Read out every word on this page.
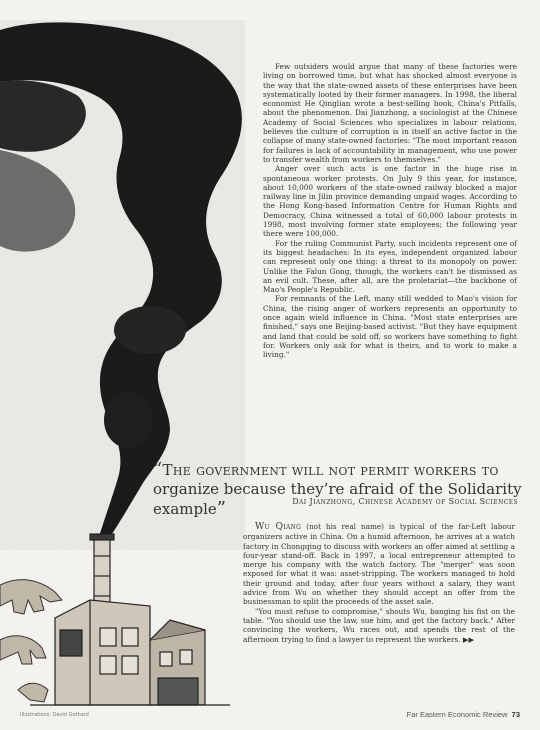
Few outsiders would argue that many of these factories were living on borrowed time, but what has shocked almost everyone is the way that the state-owned assets of these enterprises have been systematically looted by their former managers. In 1998, the liberal economist He Qinglian wrote a best-selling book, China's Pitfalls, about the phenomenon. Dai Jianzhong, a sociologist at the Chinese Academy of Social Sciences who specializes in labour relations, believes the culture of corruption is in itself an active factor in the collapse of many state-owned factories: "The most important reason for failures is lack of accountability in management, who use power to transfer wealth from workers to themselves."

Anger over such acts is one factor in the huge rise in spontaneous worker protests. On July 9 this year, for instance, about 10,000 workers of the state-owned railway blocked a major railway line in Jilin province demanding unpaid wages. According to the Hong Kong-based Information Centre for Human Rights and Democracy, China witnessed a total of 60,000 labour protests in 1998, most involving former state employees; the following year there were 100,000.

For the ruling Communist Party, such incidents represent one of its biggest headaches: In its eyes, independent organized labour can represent only one thing: a threat to its monopoly on power. Unlike the Falun Gong, though, the workers can't be dismissed as an evil cult. These, after all, are the proletariat—the backbone of Mao's People's Republic.

For remnants of the Left, many still wedded to Mao's vision for China, the rising anger of workers represents an opportunity to once again wield influence in China. "Most state enterprises are finished," says one Beijing-based activist. "But they have equipment and land that could be sold off, so workers have something to fight for. Workers only ask for what is theirs, and to work to make a living."

“The government will not permit workers to
organize because they’re afraid of the Solidarity example”	Dai Jianzhong, Chinese Academy of Social Sciences

Wu Qiang (not his real name) is typical of the far-Left labour organizers active in China. On a humid afternoon, he arrives at a watch factory in Chongqing to discuss with workers an offer aimed at settling a four-year stand-off. Back in 1997, a local entrepreneur attempted to merge his company with the watch factory. The "merger" was soon exposed for what it was: asset-stripping. The workers managed to hold their ground and today, after four years without a salary, they want advice from Wu on whether they should accept an offer from the businessman to split the proceeds of the asset sale.

"You must refuse to compromise," shouts Wu, banging his fist on the table. "You should use the law, sue him, and get the factory back." After convincing the workers, Wu races out, and spends the rest of the afternoon trying to find a lawyer to represent the workers. ▶▶

Illustrations: David Gothard	Far Eastern Economic Review 73
